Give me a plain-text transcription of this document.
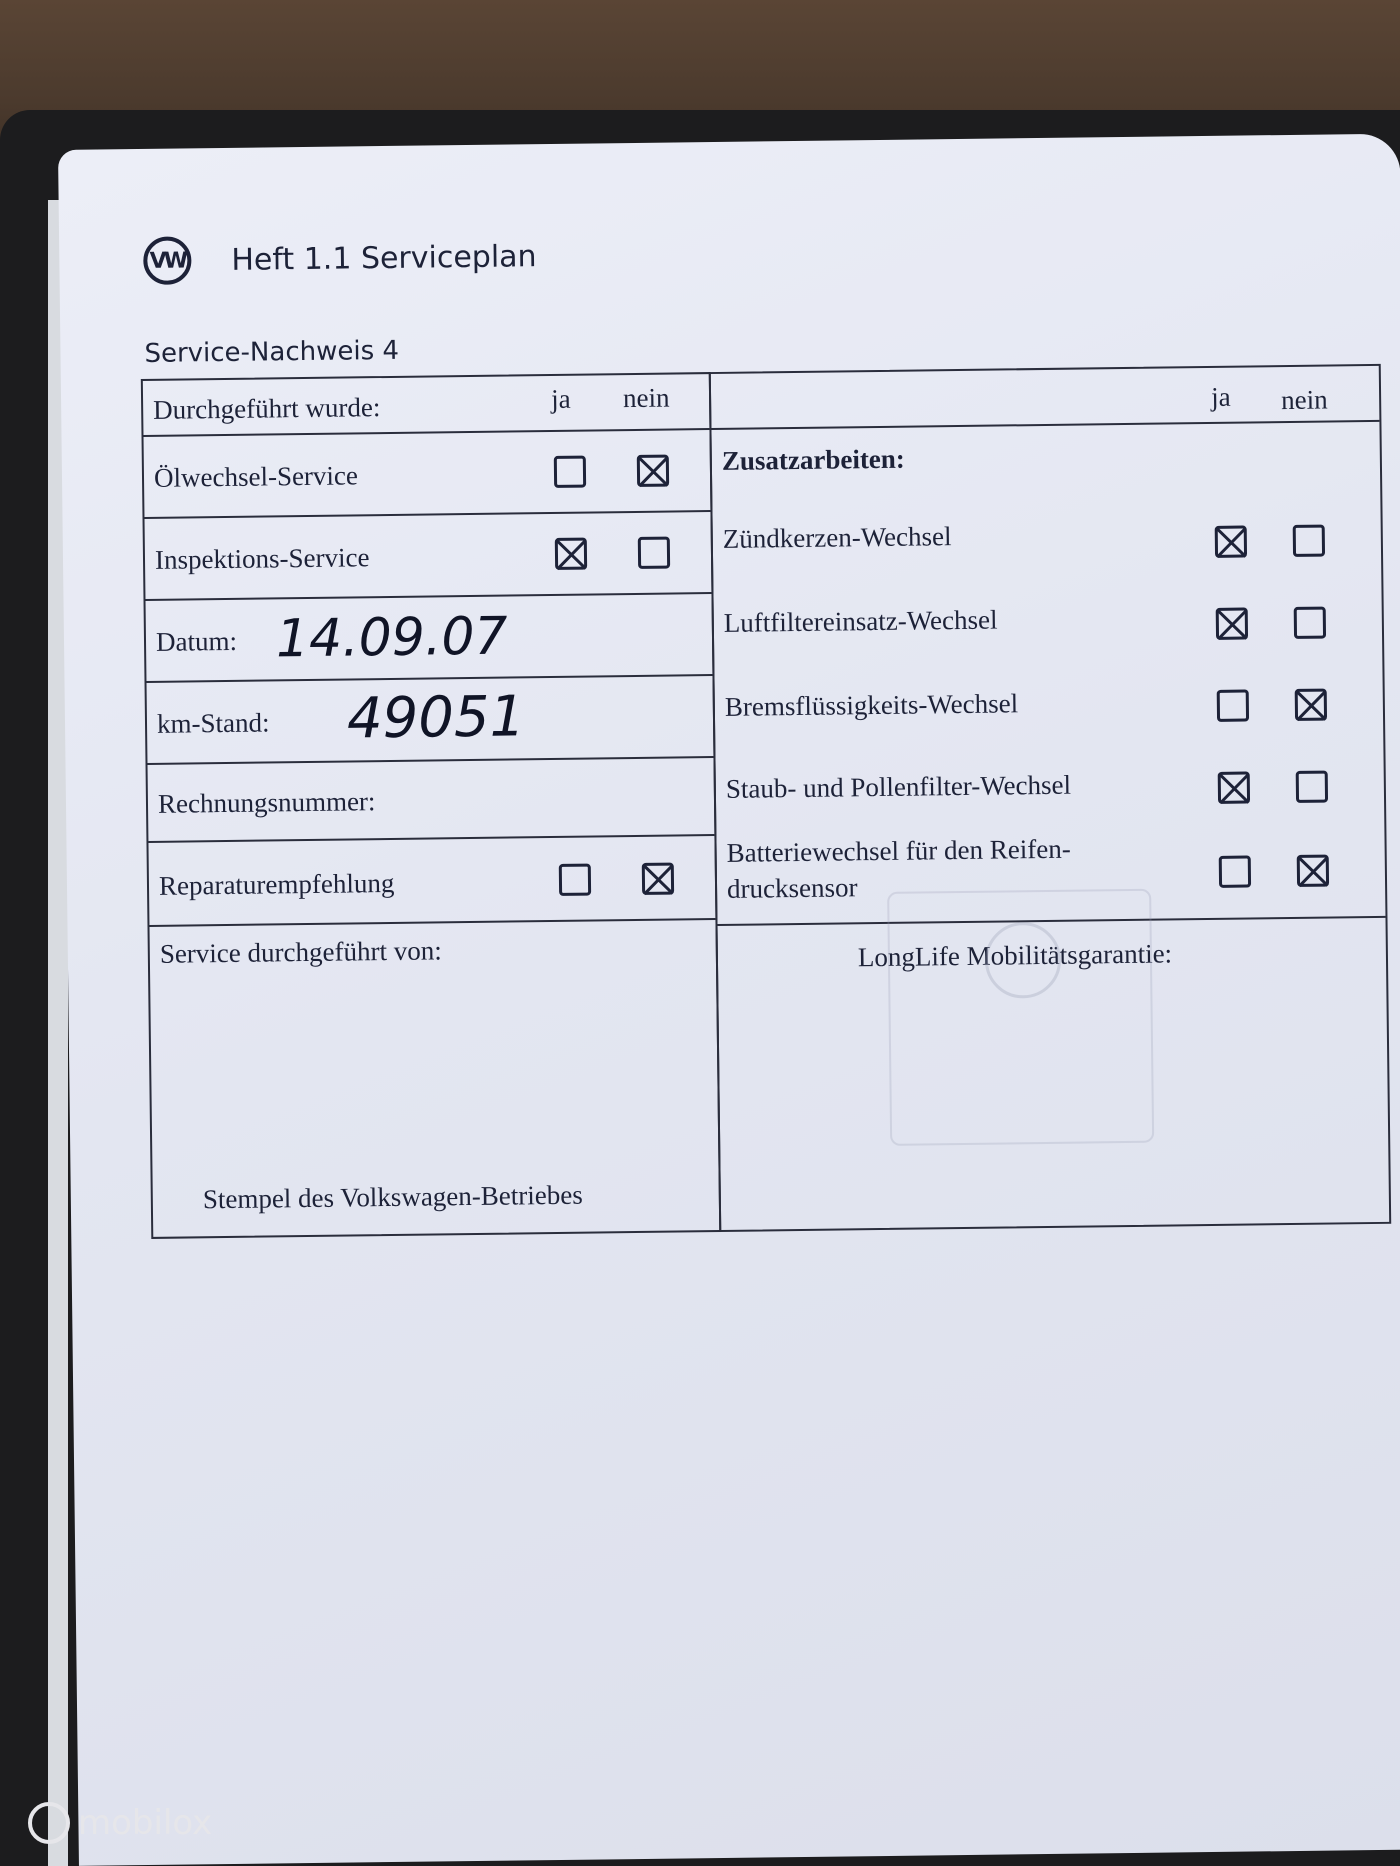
VW Heft 1.1 Serviceplan
Service-Nachweis 4
Durchgeführt wurde:	ja nein
Ölwechsel-Service
Inspektions-Service
Datum: 14.09.07
km-Stand: 49051
Rechnungsnummer:
Reparaturempfehlung
Service durchgeführt von:
Stempel des Volkswagen-Betriebes
ja nein
Zusatzarbeiten:
Zündkerzen-Wechsel
Luftfiltereinsatz-Wechsel
Bremsflüssigkeits-Wechsel
Staub- und Pollenfilter-Wechsel
Batteriewechsel für den Reifen-
drucksensor
LongLife Mobilitätsgarantie:
mobilox
